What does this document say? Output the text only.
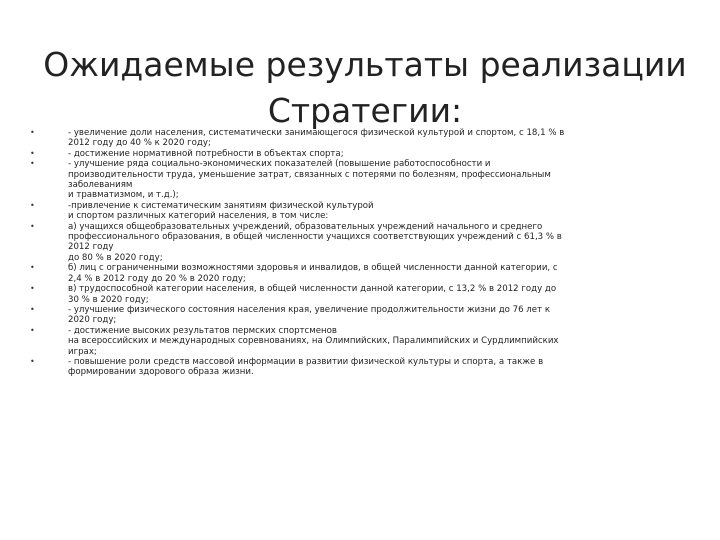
Ожидаемые результаты реализации
Стратегии:
•	- увеличение доли населения, систематически занимающегося физической культурой и спортом, с 18,1 % в
2012 году до 40 % к 2020 году;
•	- достижение нормативной потребности в объектах спорта;
•	- улучшение ряда социально-экономических показателей (повышение работоспособности и
производительности труда, уменьшение затрат, связанных с потерями по болезням, профессиональным
заболеваниям
и травматизмом, и т.д.);
•	-привлечение к систематическим занятиям физической культурой
и спортом различных категорий населения, в том числе:
•	а) учащихся общеобразовательных учреждений, образовательных учреждений начального и среднего
профессионального образования, в общей численности учащихся соответствующих учреждений с 61,3 % в
2012 году
до 80 % в 2020 году;
•	б) лиц с ограниченными возможностями здоровья и инвалидов, в общей численности данной категории, с
2,4 % в 2012 году до 20 % в 2020 году;
•	в) трудоспособной категории населения, в общей численности данной категории, с 13,2 % в 2012 году до
30 % в 2020 году;
•	- улучшение физического состояния населения края, увеличение продолжительности жизни до 76 лет к
2020 году;
•	- достижение высоких результатов пермских спортсменов
на всероссийских и международных соревнованиях, на Олимпийских, Паралимпийских и Сурдлимпийских
играх;
•	- повышение роли средств массовой информации в развитии физической культуры и спорта, а также в
формировании здорового образа жизни.
